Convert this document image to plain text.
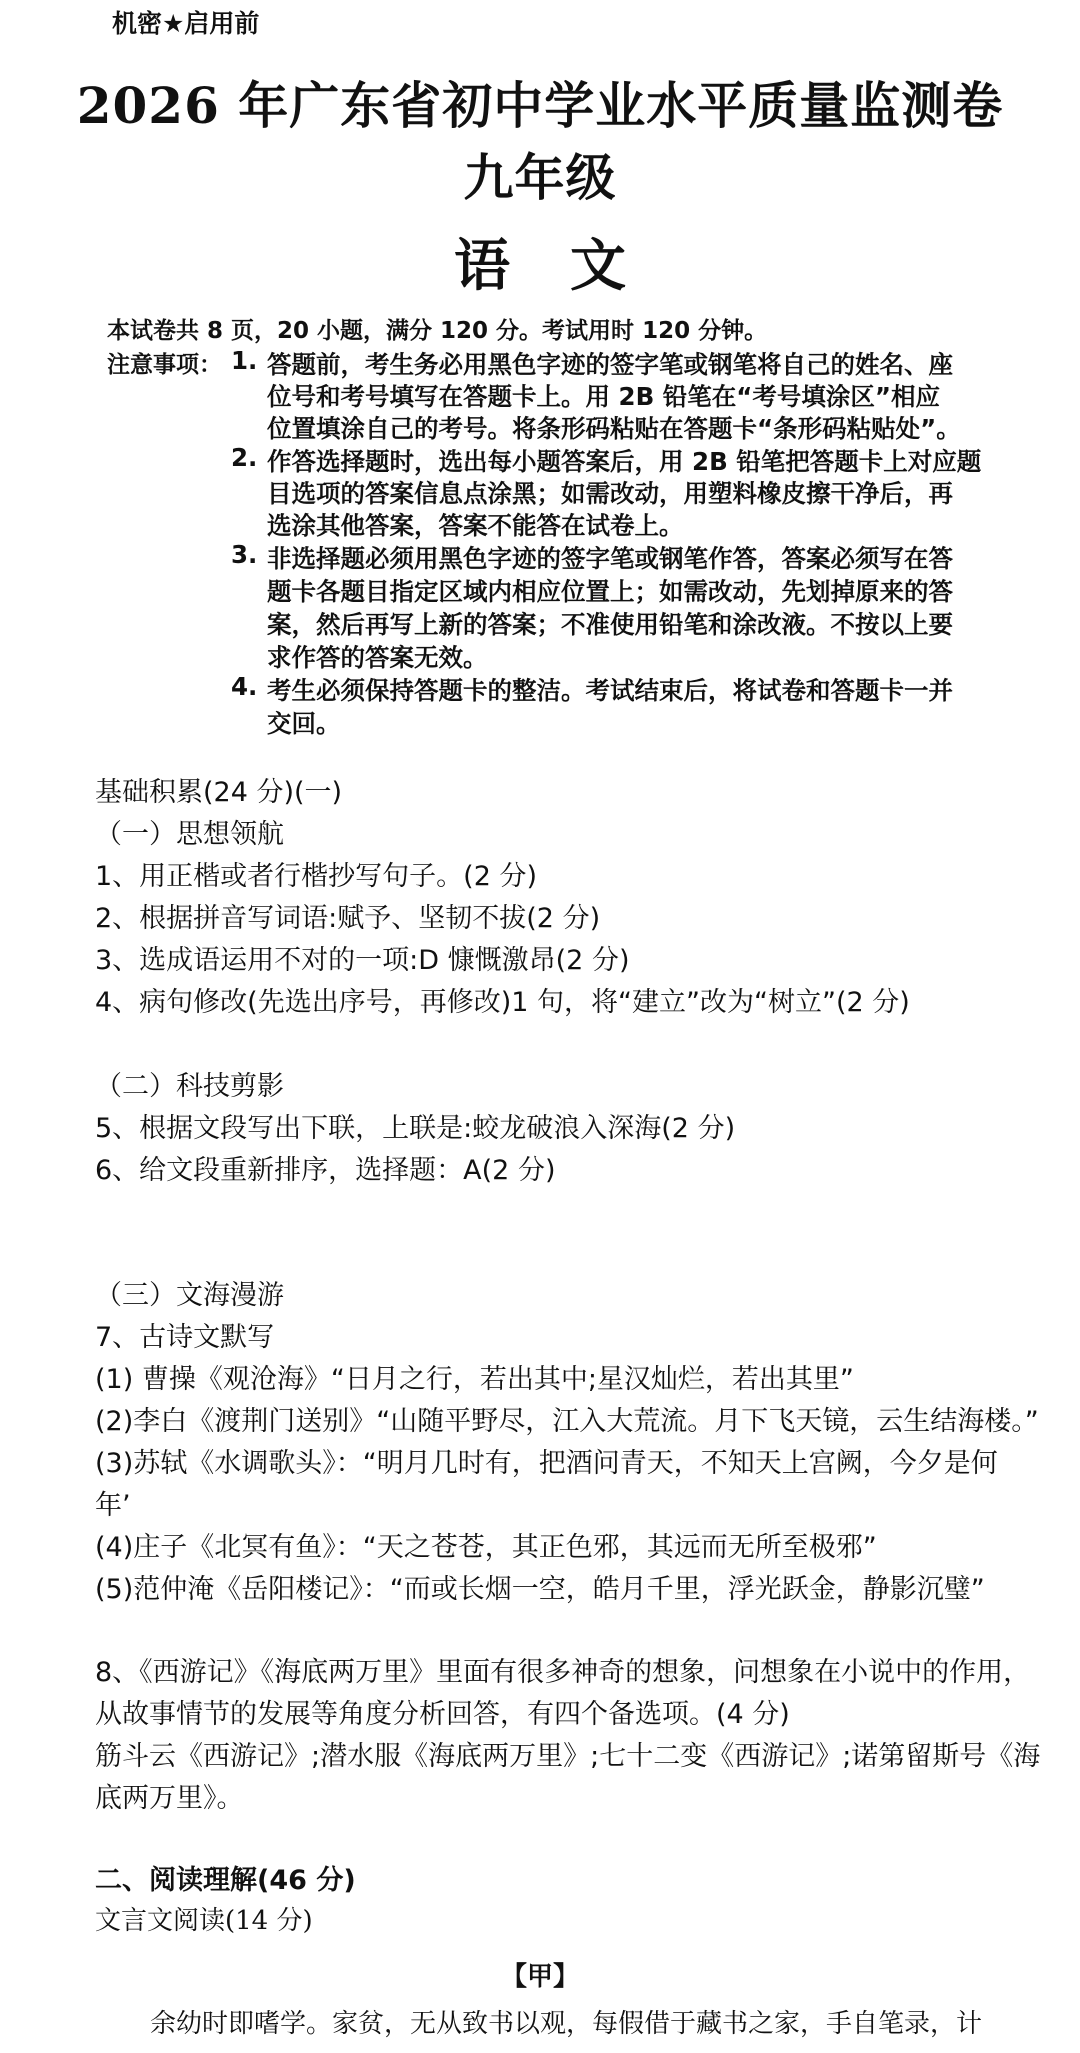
机密★启用前
2026 年广东省初中学业水平质量监测卷
九年级
语文
本试卷共 8 页，20 小题，满分 120 分。考试用时 120 分钟。
注意事项： 1. 答题前，考生务必用黑色字迹的签字笔或钢笔将自己的姓名、座
位号和考号填写在答题卡上。用 2B 铅笔在“考号填涂区”相应
位置填涂自己的考号。将条形码粘贴在答题卡“条形码粘贴处”。
2. 作答选择题时，选出每小题答案后，用 2B 铅笔把答题卡上对应题
目选项的答案信息点涂黑；如需改动，用塑料橡皮擦干净后，再
选涂其他答案，答案不能答在试卷上。
3. 非选择题必须用黑色字迹的签字笔或钢笔作答，答案必须写在答
题卡各题目指定区域内相应位置上；如需改动，先划掉原来的答
案，然后再写上新的答案；不准使用铅笔和涂改液。不按以上要
求作答的答案无效。
4. 考生必须保持答题卡的整洁。考试结束后，将试卷和答题卡一并
交回。
基础积累(24 分)(一)
（一）思想领航
1、用正楷或者行楷抄写句子。(2 分)
2、根据拼音写词语:赋予、坚韧不拔(2 分)
3、选成语运用不对的一项:D 慷慨激昂(2 分)
4、病句修改(先选出序号，再修改)1 句，将“建立”改为“树立”(2 分)
（二）科技剪影
5、根据文段写出下联，上联是:蛟龙破浪入深海(2 分)
6、给文段重新排序，选择题：A(2 分)
（三）文海漫游
7、古诗文默写
(1) 曹操《观沧海》“日月之行，若出其中;星汉灿烂，若出其里”
(2)李白《渡荆门送别》“山随平野尽，江入大荒流。月下飞天镜，云生结海楼。”
(3)苏轼《水调歌头》：“明月几时有，把酒问青天，不知天上宫阙，今夕是何
年’
(4)庄子《北冥有鱼》：“天之苍苍，其正色邪，其远而无所至极邪”
(5)范仲淹《岳阳楼记》：“而或长烟一空，皓月千里，浮光跃金，静影沉璧”
8、《西游记》《海底两万里》里面有很多神奇的想象，问想象在小说中的作用，
从故事情节的发展等角度分析回答，有四个备选项。(4 分)
筋斗云《西游记》;潜水服《海底两万里》;七十二变《西游记》;诺第留斯号《海
底两万里》。
二、阅读理解(46 分)
文言文阅读(14 分)
【甲】
余幼时即嗜学。家贫，无从致书以观，每假借于藏书之家，手自笔录，计
